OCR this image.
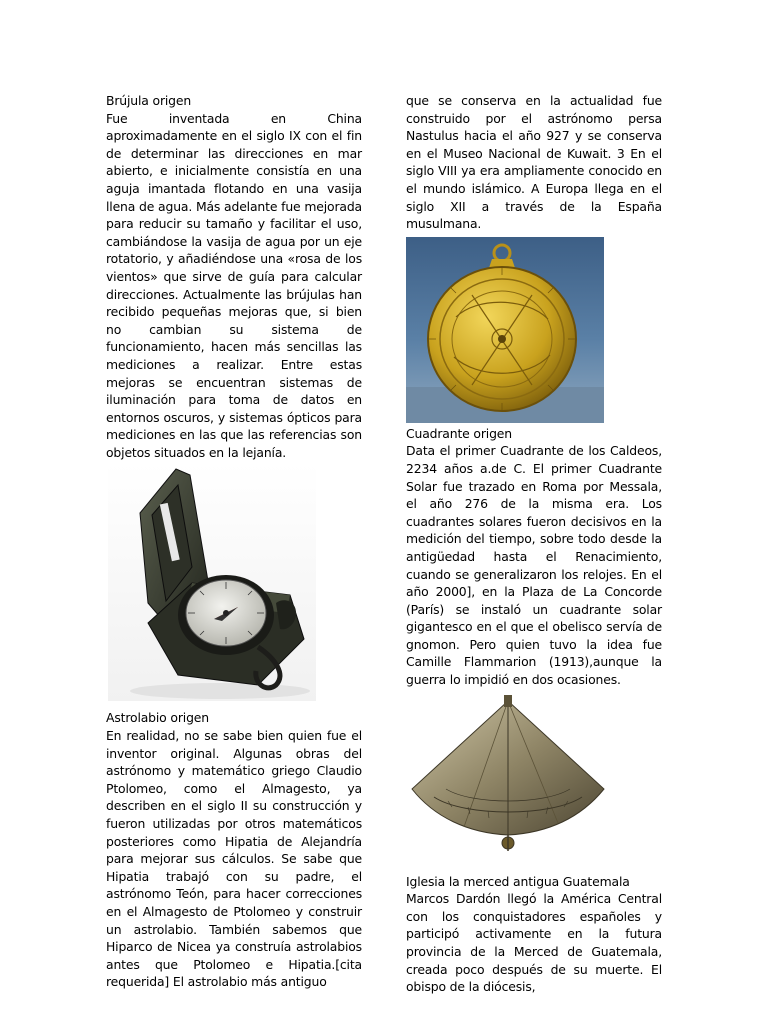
Brújula origen

Fue inventada en China aproximadamente en el siglo IX con el fin de determinar las direcciones en mar abierto, e inicialmente consistía en una aguja imantada flotando en una vasija llena de agua. Más adelante fue mejorada para reducir su tamaño y facilitar el uso, cambiándose la vasija de agua por un eje rotatorio, y añadiéndose una «rosa de los vientos» que sirve de guía para calcular direcciones. Actualmente las brújulas han recibido pequeñas mejoras que, si bien no cambian su sistema de funcionamiento, hacen más sencillas las mediciones a realizar. Entre estas mejoras se encuentran sistemas de iluminación para toma de datos en entornos oscuros, y sistemas ópticos para mediciones en las que las referencias son objetos situados en la lejanía.

Astrolabio origen

En realidad, no se sabe bien quien fue el inventor original. Algunas obras del astrónomo y matemático griego Claudio Ptolomeo, como el Almagesto, ya describen en el siglo II su construcción y fueron utilizadas por otros matemáticos posteriores como Hipatia de Alejandría para mejorar sus cálculos. Se sabe que Hipatia trabajó con su padre, el astrónomo Teón, para hacer correcciones en el Almagesto de Ptolomeo y construir un astrolabio. También sabemos que Hiparco de Nicea ya construía astrolabios antes que Ptolomeo e Hipatia.[cita requerida] El astrolabio más antiguo

que se conserva en la actualidad fue construido por el astrónomo persa Nastulus hacia el año 927 y se conserva en el Museo Nacional de Kuwait. 3 En el siglo VIII ya era ampliamente conocido en el mundo islámico. A Europa llega en el siglo XII a través de la España musulmana.

Cuadrante origen

Data el primer Cuadrante de los Caldeos, 2234 años a.de C. El primer Cuadrante Solar fue trazado en Roma por Messala, el año 276 de la misma era. Los cuadrantes solares fueron decisivos en la medición del tiempo, sobre todo desde la antigüedad hasta el Renacimiento, cuando se generalizaron los relojes. En el año 2000], en la Plaza de La Concorde (París) se instaló un cuadrante solar gigantesco en el que el obelisco servía de gnomon. Pero quien tuvo la idea fue Camille Flammarion (1913),aunque la guerra lo impidió en dos ocasiones.

Iglesia la merced antigua Guatemala

Marcos Dardón llegó la América Central con los conquistadores españoles y participó activamente en la futura provincia de la Merced de Guatemala, creada poco después de su muerte. El obispo de la diócesis,
